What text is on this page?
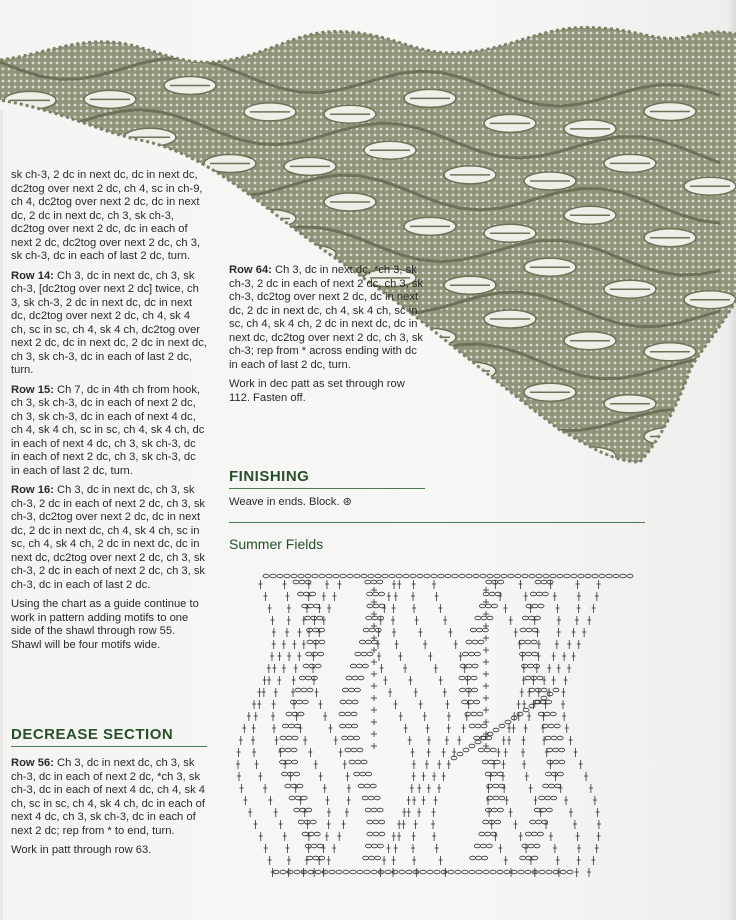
sk ch-3, 2 dc in next dc, dc in next dc, dc2tog over next 2 dc, ch 4, sc in ch-9, ch 4, dc2tog over next 2 dc, dc in next dc, 2 dc in next dc, ch 3, sk ch-3, dc2tog over next 2 dc, dc in each of next 2 dc, dc2tog over next 2 dc, ch 3, sk ch-3, dc in each of last 2 dc, turn.

Row 14: Ch 3, dc in next dc, ch 3, sk ch-3, [dc2tog over next 2 dc] twice, ch 3, sk ch-3, 2 dc in next dc, dc in next dc, dc2tog over next 2 dc, ch 4, sk 4 ch, sc in sc, ch 4, sk 4 ch, dc2tog over next 2 dc, dc in next dc, 2 dc in next dc, ch 3, sk ch-3, dc in each of last 2 dc, turn.

Row 15: Ch 7, dc in 4th ch from hook, ch 3, sk ch-3, dc in each of next 2 dc, ch 3, sk ch-3, dc in each of next 4 dc, ch 4, sk 4 ch, sc in sc, ch 4, sk 4 ch, dc in each of next 4 dc, ch 3, sk ch-3, dc in each of next 2 dc, ch 3, sk ch-3, dc in each of last 2 dc, turn.

Row 16: Ch 3, dc in next dc, ch 3, sk ch-3, 2 dc in each of next 2 dc, ch 3, sk ch-3, dc2tog over next 2 dc, dc in next dc, 2 dc in next dc, ch 4, sk 4 ch, sc in sc, ch 4, sk 4 ch, 2 dc in next dc, dc in next dc, dc2tog over next 2 dc, ch 3, sk ch-3, 2 dc in each of next 2 dc, ch 3, sk ch-3, dc in each of last 2 dc.

Using the chart as a guide continue to work in pattern adding motifs to one side of the shawl through row 55. Shawl will be four motifs wide.

DECREASE SECTION

Row 56: Ch 3, dc in next dc, ch 3, sk ch-3, dc in each of next 2 dc, *ch 3, sk ch-3, dc in each of next 4 dc, ch 4, sk 4 ch, sc in sc, ch 4, sk 4 ch, dc in each of next 4 dc, ch 3, sk ch-3, dc in each of next 2 dc; rep from * to end, turn.

Work in patt through row 63.

Row 64: Ch 3, dc in next dc, *ch 3, sk ch-3, 2 dc in each of next 2 dc, ch 3, sk ch-3, dc2tog over next 2 dc, dc in next dc, 2 dc in next dc, ch 4, sk 4 ch, sc in sc, ch 4, sk 4 ch, 2 dc in next dc, dc in next dc, dc2tog over next 2 dc, ch 3, sk ch-3; rep from * across ending with dc in each of last 2 dc, turn.

Work in dec patt as set through row 112. Fasten off.

FINISHING
Weave in ends. Block. ⊛
Summer Fields
